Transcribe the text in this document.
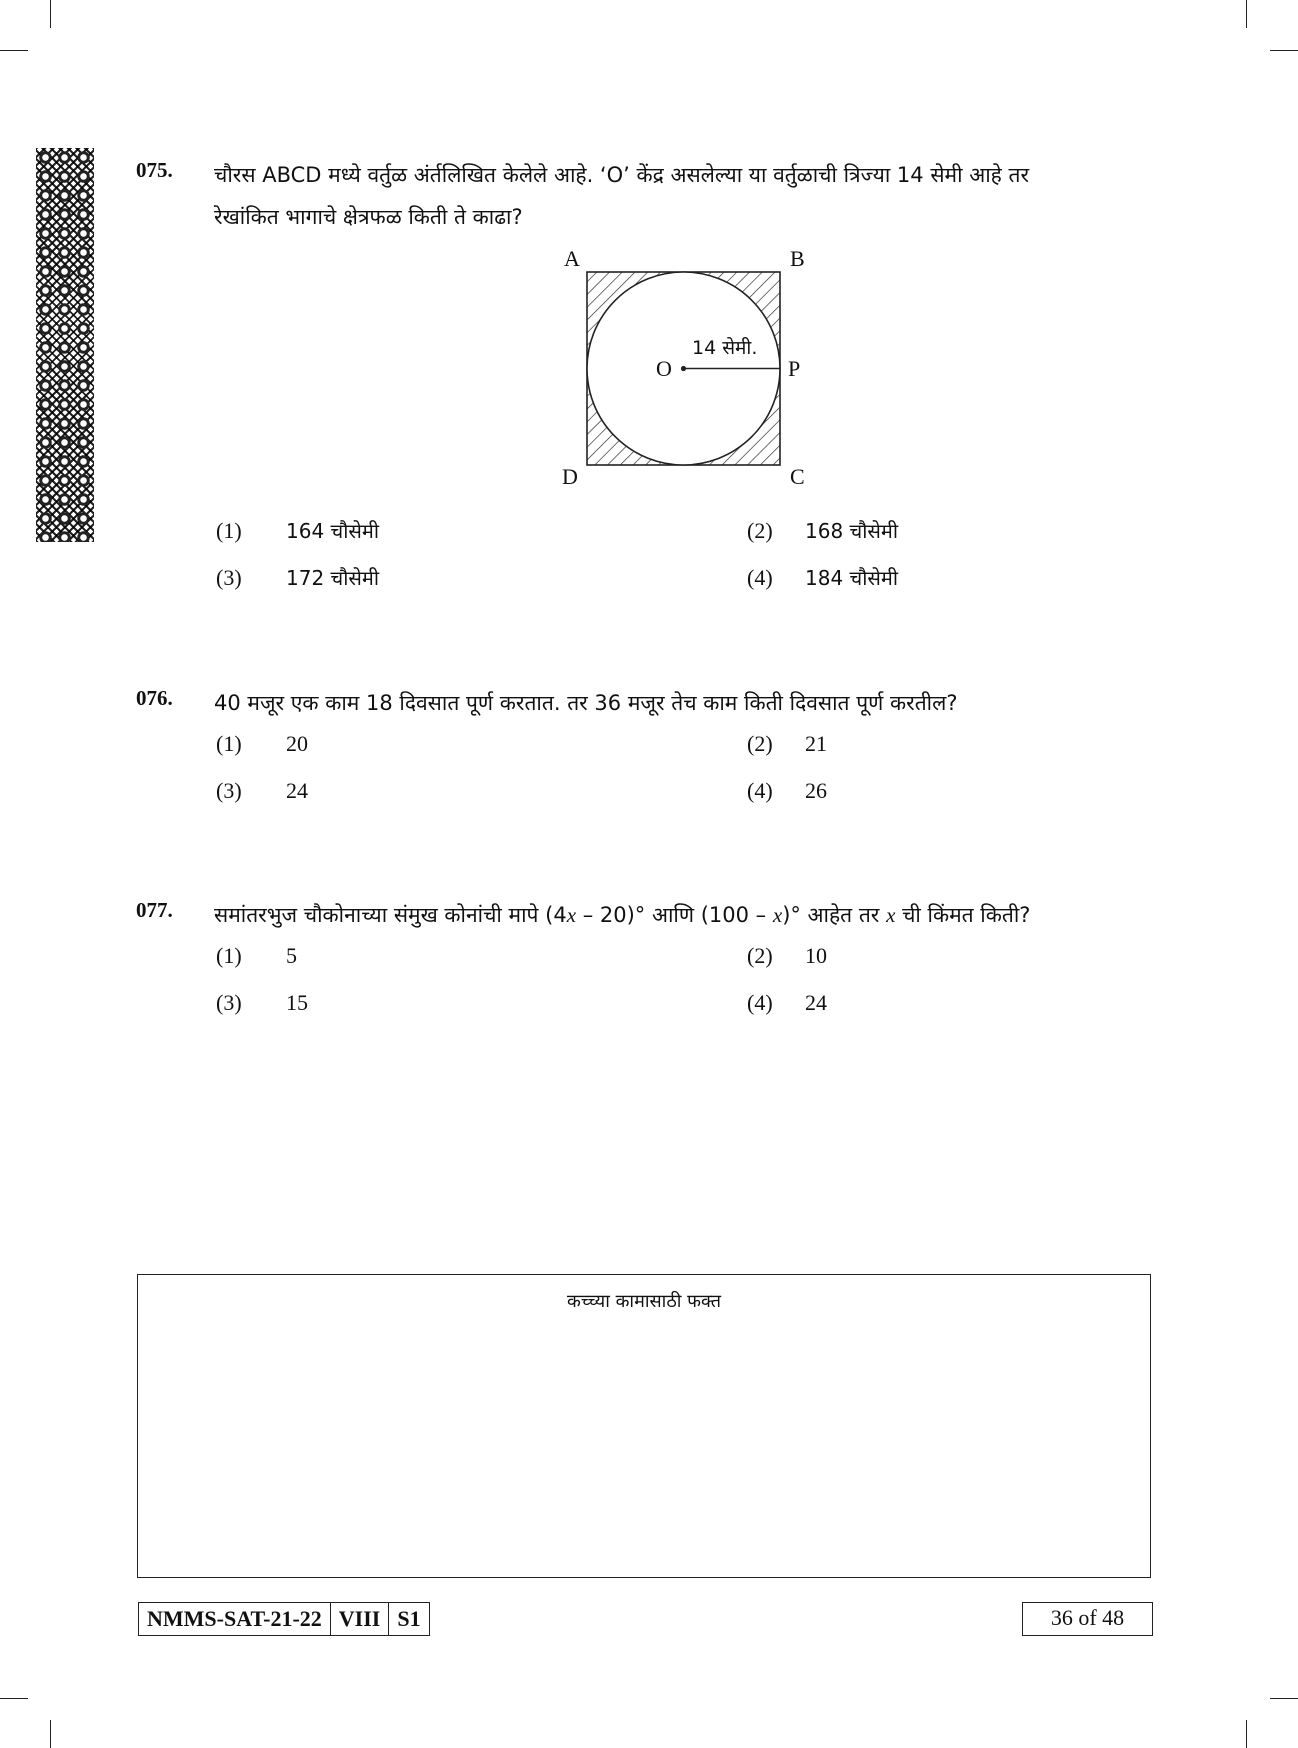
075. चौरस ABCD मध्ये वर्तुळ अंर्तलिखित केलेले आहे. ‘O’ केंद्र असलेल्या या वर्तुळाची त्रिज्या 14 सेमी आहे तर
रेखांकित भागाचे क्षेत्रफळ किती ते काढा?
A	B
C
D
O	P
14 सेमी.
(1) 164 चौसेमी	(2) 168 चौसेमी
(3) 172 चौसेमी	(4) 184 चौसेमी
076. 40 मजूर एक काम 18 दिवसात पूर्ण करतात. तर 36 मजूर तेच काम किती दिवसात पूर्ण करतील?
(1) 20	(2) 21
(3) 24	(4) 26
077. समांतरभुज चौकोनाच्या संमुख कोनांची मापे (4x – 20)° आणि (100 – x)° आहेत तर x ची किंमत किती?
(1) 5	(2) 10
(3) 15	(4) 24
कच्च्या कामासाठी फक्त
NMMS-SAT-21-22 VIII S1	36 of 48
